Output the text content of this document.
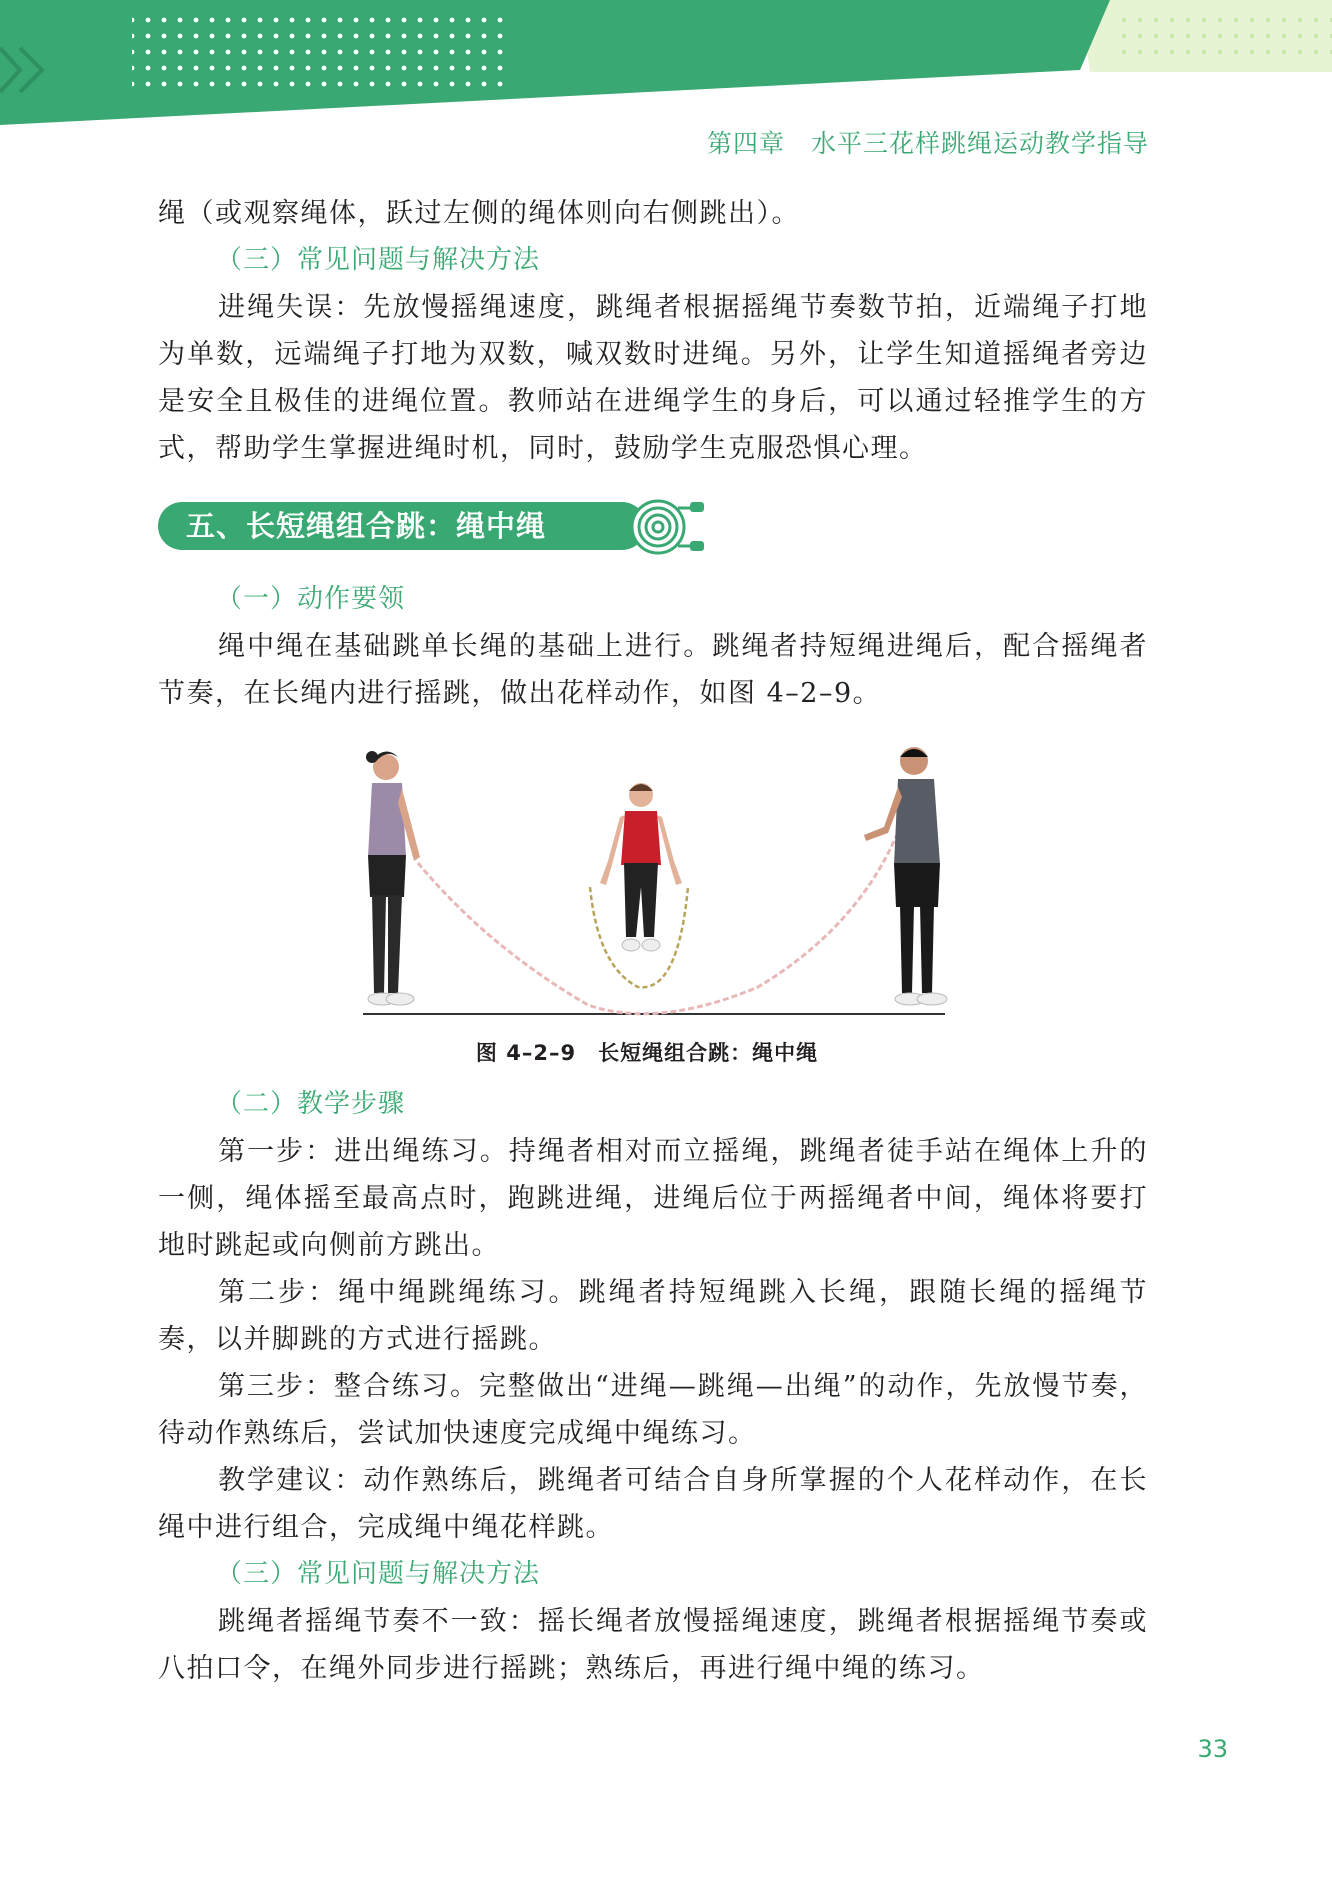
第四章　水平三花样跳绳运动教学指导

绳（或观察绳体，跃过左侧的绳体则向右侧跳出）。

（三）常见问题与解决方法

进绳失误：先放慢摇绳速度，跳绳者根据摇绳节奏数节拍，近端绳子打地为单数，远端绳子打地为双数，喊双数时进绳。另外，让学生知道摇绳者旁边是安全且极佳的进绳位置。教师站在进绳学生的身后，可以通过轻推学生的方式，帮助学生掌握进绳时机，同时，鼓励学生克服恐惧心理。

五、长短绳组合跳：绳中绳
（一）动作要领

绳中绳在基础跳单长绳的基础上进行。跳绳者持短绳进绳后，配合摇绳者节奏，在长绳内进行摇跳，做出花样动作，如图 4–2–9。

图 4–2–9　长短绳组合跳：绳中绳
（二）教学步骤

第一步：进出绳练习。持绳者相对而立摇绳，跳绳者徒手站在绳体上升的一侧，绳体摇至最高点时，跑跳进绳，进绳后位于两摇绳者中间，绳体将要打地时跳起或向侧前方跳出。

第二步：绳中绳跳绳练习。跳绳者持短绳跳入长绳，跟随长绳的摇绳节奏，以并脚跳的方式进行摇跳。

第三步：整合练习。完整做出“进绳—跳绳—出绳”的动作，先放慢节奏，待动作熟练后，尝试加快速度完成绳中绳练习。

教学建议：动作熟练后，跳绳者可结合自身所掌握的个人花样动作，在长绳中进行组合，完成绳中绳花样跳。

（三）常见问题与解决方法

跳绳者摇绳节奏不一致：摇长绳者放慢摇绳速度，跳绳者根据摇绳节奏或八拍口令，在绳外同步进行摇跳；熟练后，再进行绳中绳的练习。

33
